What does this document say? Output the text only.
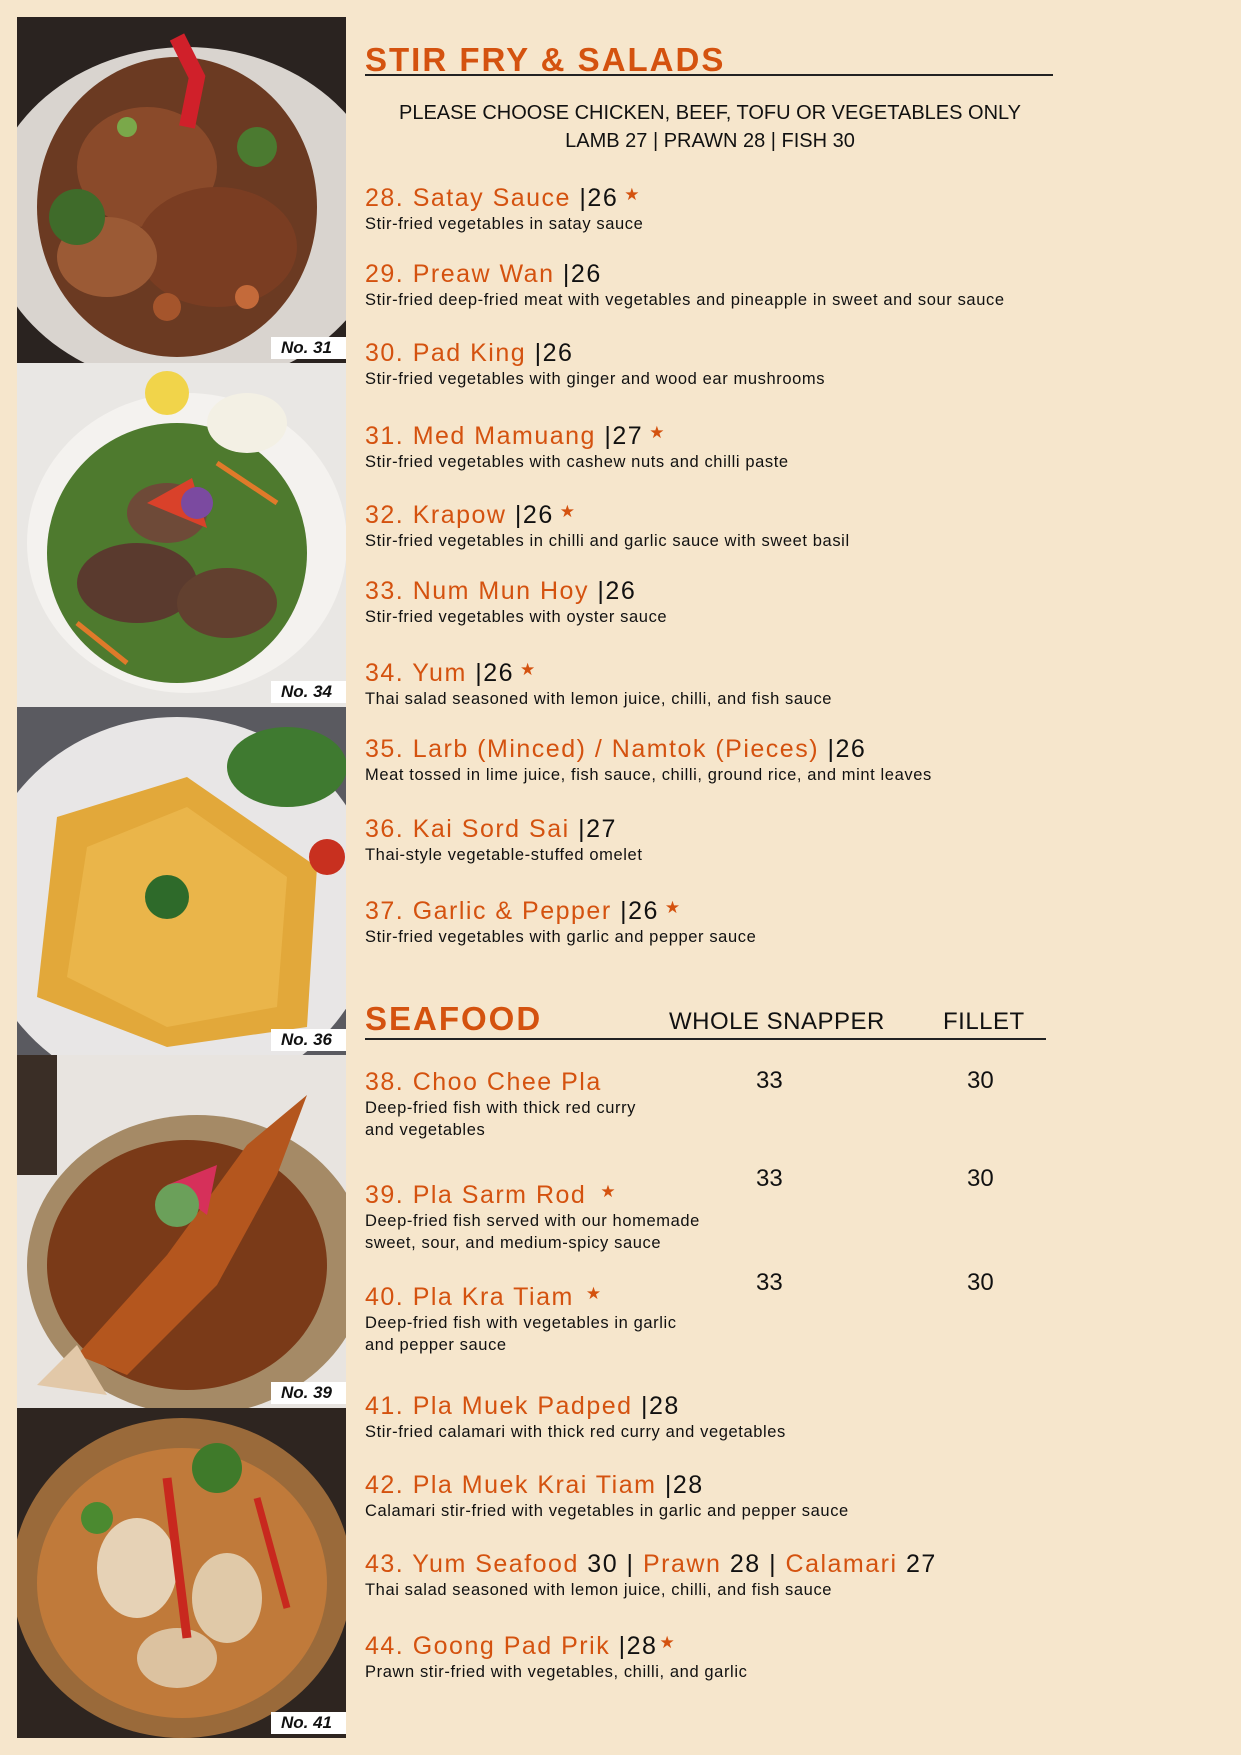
No. 31
No. 34
No. 36
No. 39
No. 41
STIR FRY & SALADS
PLEASE CHOOSE CHICKEN, BEEF, TOFU OR VEGETABLES ONLY
LAMB 27 | PRAWN 28 | FISH 30
28. Satay Sauce |26 ★
Stir-fried vegetables in satay sauce
29. Preaw Wan |26
Stir-fried deep-fried meat with vegetables and pineapple in sweet and sour sauce
30. Pad King |26
Stir-fried vegetables with ginger and wood ear mushrooms
31. Med Mamuang |27 ★
Stir-fried vegetables with cashew nuts and chilli paste
32. Krapow |26 ★
Stir-fried vegetables in chilli and garlic sauce with sweet basil
33. Num Mun Hoy |26
Stir-fried vegetables with oyster sauce
34. Yum |26 ★
Thai salad seasoned with lemon juice, chilli, and fish sauce
35. Larb (Minced) / Namtok (Pieces) |26
Meat tossed in lime juice, fish sauce, chilli, ground rice, and mint leaves
36. Kai Sord Sai |27
Thai-style vegetable-stuffed omelet
37. Garlic & Pepper |26 ★
Stir-fried vegetables with garlic and pepper sauce
SEAFOOD	WHOLE SNAPPER FILLET
38. Choo Chee Pla
Deep-fried fish with thick red curry and vegetables
33	30
39. Pla Sarm Rod ★
Deep-fried fish served with our homemade sweet, sour, and medium-spicy sauce
33	30
40. Pla Kra Tiam ★
Deep-fried fish with vegetables in garlic and pepper sauce
33	30
41. Pla Muek Padped |28
Stir-fried calamari with thick red curry and vegetables
42. Pla Muek Krai Tiam |28
Calamari stir-fried with vegetables in garlic and pepper sauce
43. Yum Seafood 30 | Prawn 28 | Calamari 27
Thai salad seasoned with lemon juice, chilli, and fish sauce
44. Goong Pad Prik |28 ★
Prawn stir-fried with vegetables, chilli, and garlic
